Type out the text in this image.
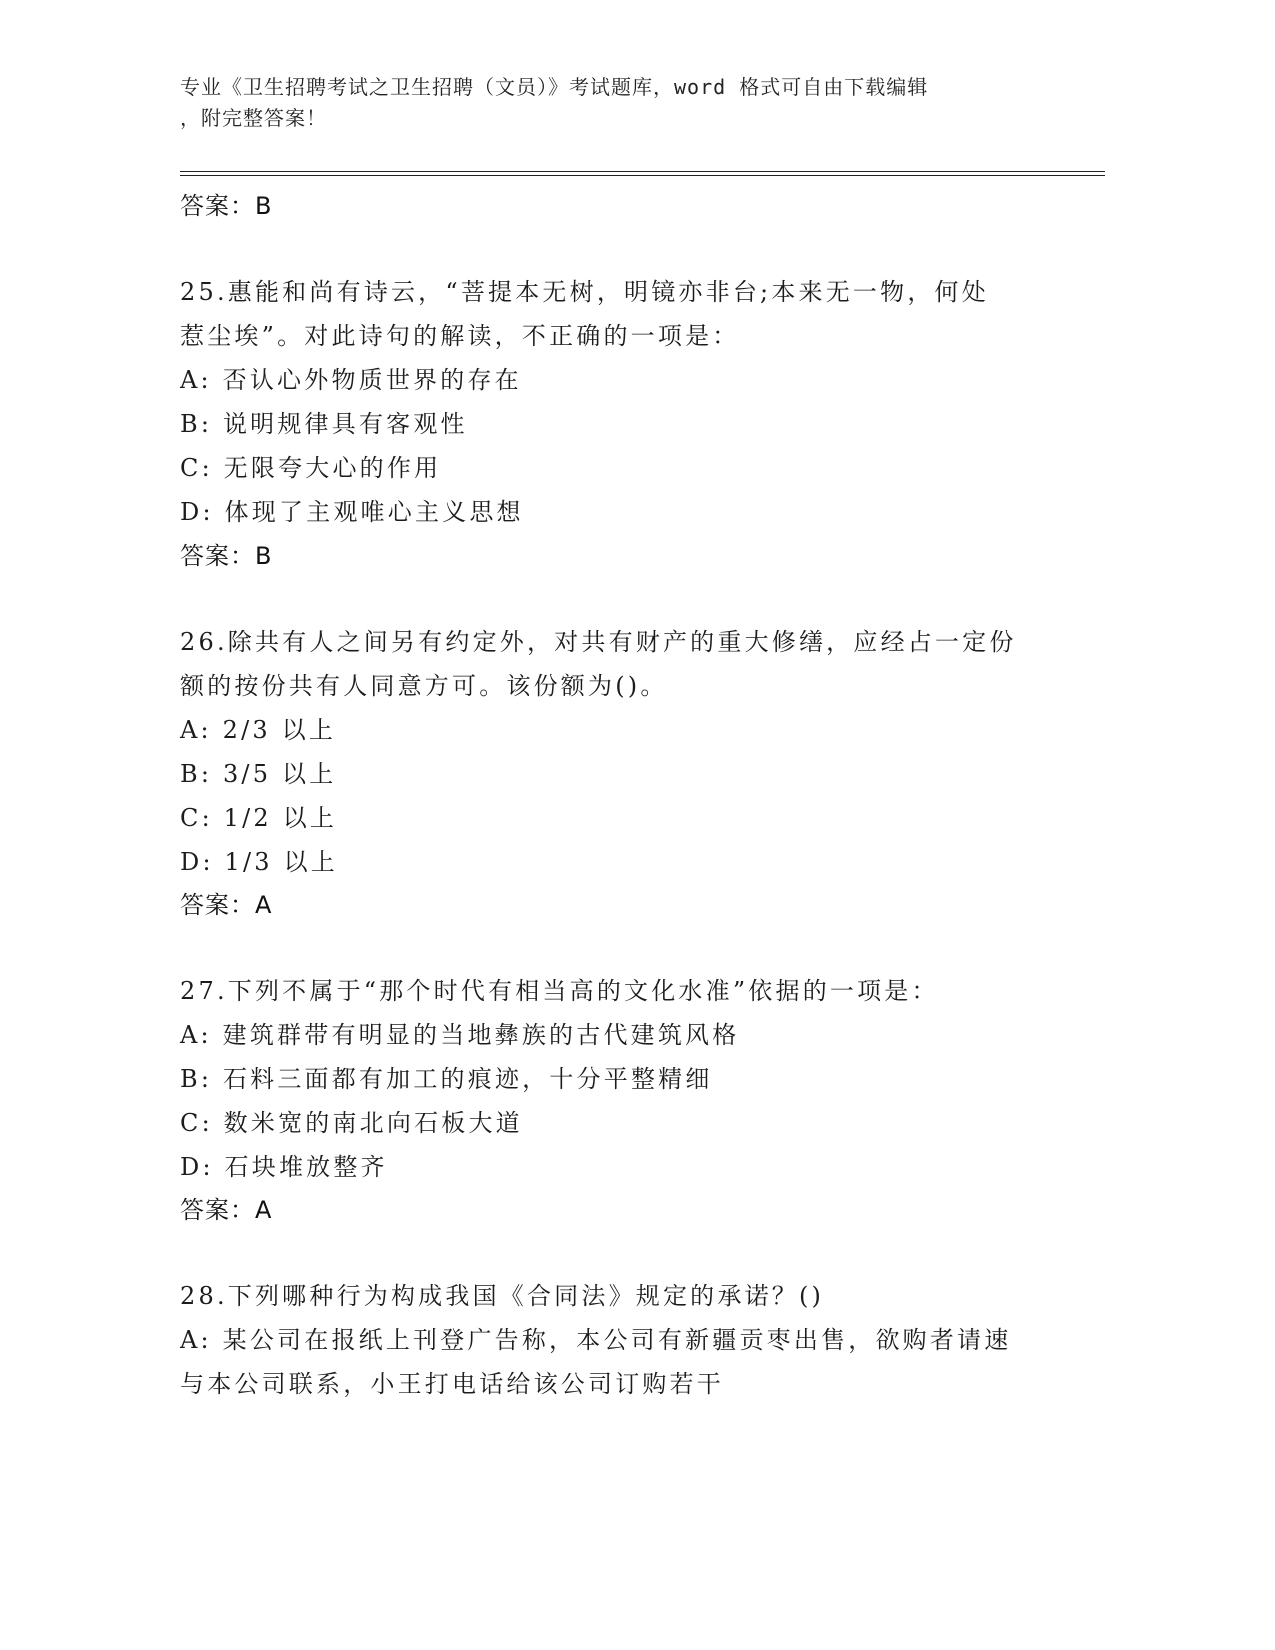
专业《卫生招聘考试之卫生招聘（文员）》考试题库，word 格式可自由下载编辑
，附完整答案！
答案：B
25.惠能和尚有诗云，“菩提本无树，明镜亦非台;本来无一物，何处
惹尘埃”。对此诗句的解读，不正确的一项是：
A: 否认心外物质世界的存在
B: 说明规律具有客观性
C: 无限夸大心的作用
D: 体现了主观唯心主义思想
答案：B
26.除共有人之间另有约定外，对共有财产的重大修缮，应经占一定份
额的按份共有人同意方可。该份额为()。
A: 2/3 以上
B: 3/5 以上
C: 1/2 以上
D: 1/3 以上
答案：A
27.下列不属于“那个时代有相当高的文化水准”依据的一项是：
A: 建筑群带有明显的当地彝族的古代建筑风格
B: 石料三面都有加工的痕迹，十分平整精细
C: 数米宽的南北向石板大道
D: 石块堆放整齐
答案：A
28.下列哪种行为构成我国《合同法》规定的承诺？()
A: 某公司在报纸上刊登广告称，本公司有新疆贡枣出售，欲购者请速
与本公司联系，小王打电话给该公司订购若干
